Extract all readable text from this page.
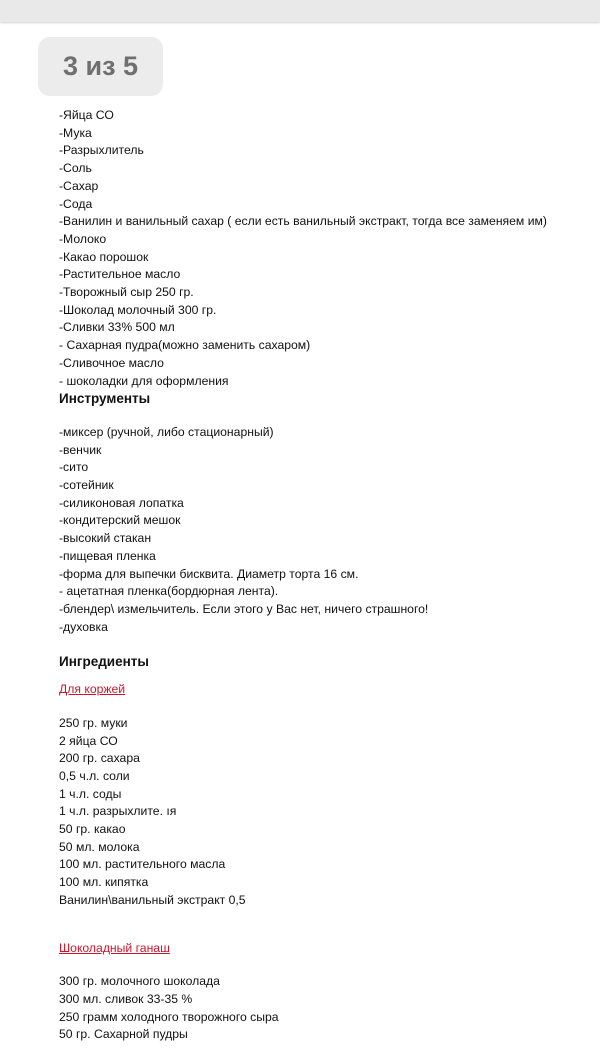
3 из 5
-Яйца СО
-Мука
-Разрыхлитель
-Соль
-Сахар
-Сода
-Ванилин и ванильный сахар ( если есть ванильный экстракт, тогда все заменяем им)
-Молоко
-Какао порошок
-Растительное масло
-Творожный сыр 250 гр.
-Шоколад молочный 300 гр.
-Сливки 33% 500 мл
- Сахарная пудра(можно заменить сахаром)
-Сливочное масло
- шоколадки для оформления
Инструменты
-миксер (ручной, либо стационарный)
-венчик
-сито
-сотейник
-силиконовая лопатка
-кондитерский мешок
-высокий стакан
-пищевая пленка
-форма для выпечки бисквита. Диаметр торта 16 см.
- ацетатная пленка(бордюрная лента).
-блендер\ измельчитель. Если этого у Вас нет, ничего страшного!
-духовка
Ингредиенты
Для коржей
250 гр. муки
2 яйца СО
200 гр. сахара
0,5 ч.л. соли
1 ч.л. соды
1 ч.л. разрыхлите. ıя
50 гр. какао
50 мл. молока
100 мл. растительного масла
100 мл. кипятка
Ванилин\ванильный экстракт 0,5
Шоколадный ганаш
300 гр. молочного шоколада
300 мл. сливок 33-35 %
250 грамм холодного творожного сыра
50 гр. Сахарной пудры
